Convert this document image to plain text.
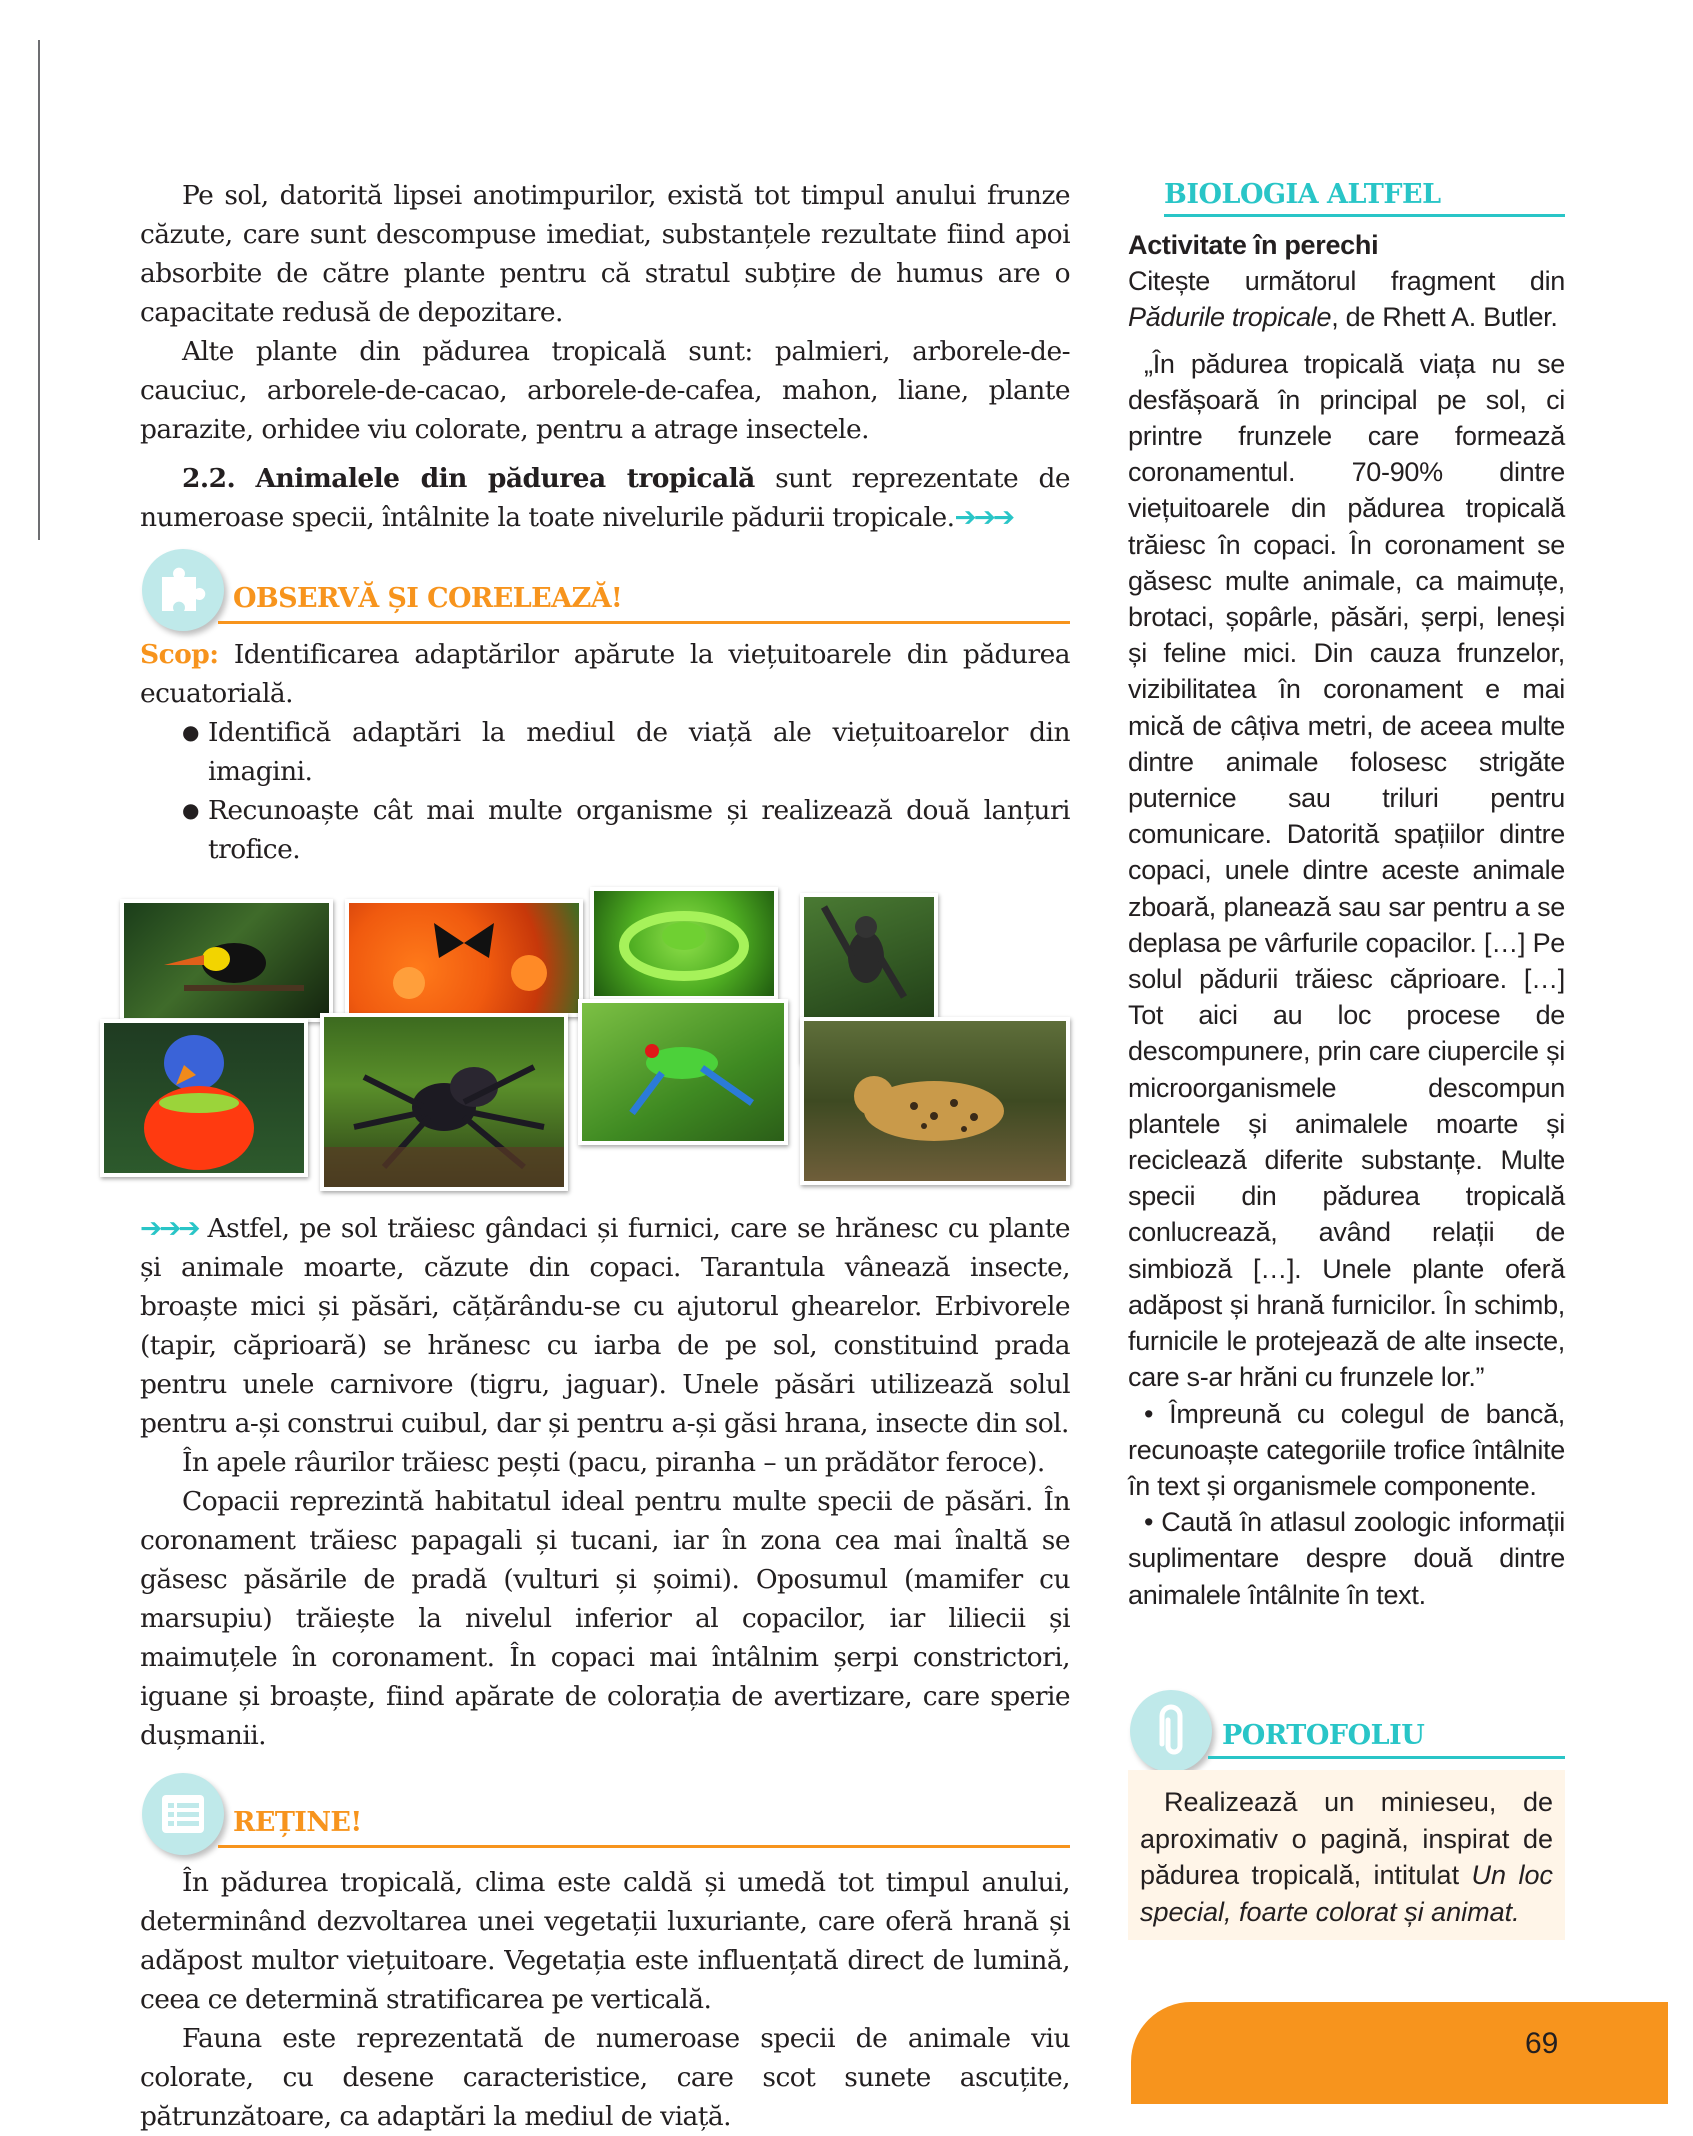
Pe sol, datorită lipsei anotimpurilor, există tot timpul anului frunze căzute, care sunt descompuse imediat, substanțele rezultate fiind apoi absorbite de către plante pentru că stratul subțire de humus are o capacitate redusă de depozitare.

Alte plante din pădurea tropicală sunt: palmieri, arborele-de-cauciuc, arborele-de-cacao, arborele-de-cafea, mahon, liane, plante parazite, orhidee viu colorate, pentru a atrage insectele.

2.2. Animalele din pădurea tropicală sunt reprezentate de numeroase specii, întâlnite la toate nivelurile pădurii tropicale.➔➔➔

OBSERVĂ ȘI CORELEAZĂ!

Scop: Identificarea adaptărilor apărute la viețuitoarele din pădurea ecuatorială.

● Identifică adaptări la mediul de viață ale viețuitoarelor din imagini.
● Recunoaște cât mai multe organisme și realizează două lanțuri trofice.

➔➔➔ Astfel, pe sol trăiesc gândaci și furnici, care se hrănesc cu plante și animale moarte, căzute din copaci. Tarantula vânează insecte, broaște mici și păsări, cățărându-se cu ajutorul ghearelor. Erbivorele (tapir, căprioară) se hrănesc cu iarba de pe sol, constituind prada pentru unele carnivore (tigru, jaguar). Unele păsări utilizează solul pentru a-și construi cuibul, dar și pentru a-și găsi hrana, insecte din sol.

În apele râurilor trăiesc pești (pacu, piranha – un prădător feroce).

Copacii reprezintă habitatul ideal pentru multe specii de păsări. În coronament trăiesc papagali și tucani, iar în zona cea mai înaltă se găsesc păsările de pradă (vulturi și șoimi). Oposumul (mamifer cu marsupiu) trăiește la nivelul inferior al copacilor, iar liliecii și maimuțele în coronament. În copaci mai întâlnim șerpi constrictori, iguane și broaște, fiind apărate de colorația de avertizare, care sperie dușmanii.

REȚINE!

În pădurea tropicală, clima este caldă și umedă tot timpul anului, determinând dezvoltarea unei vegetații luxuriante, care oferă hrană și adăpost multor viețuitoare. Vegetația este influențată direct de lumină, ceea ce determină stratificarea pe verticală.

Fauna este reprezentată de numeroase specii de animale viu colorate, cu desene caracteristice, care scot sunete ascuțite, pătrunzătoare, ca adaptări la mediul de viață.

BIOLOGIA ALTFEL

Activitate în perechi

Citește următorul fragment din Pădurile tropicale, de Rhett A. Butler.

„În pădurea tropicală viața nu se desfășoară în principal pe sol, ci printre frunzele care formează coronamentul. 70-90% dintre viețuitoarele din pădurea tropicală trăiesc în copaci. În coronament se găsesc multe animale, ca maimuțe, brotaci, șopârle, păsări, șerpi, lenеși și feline mici. Din cauza frunzelor, vizibilitatea în coronament e mai mică de câțiva metri, de aceea multe dintre animale folosesc strigăte puternice sau triluri pentru comunicare. Datorită spațiilor dintre copaci, unele dintre aceste animale zboară, planează sau sar pentru a se deplasa pe vârfurile copacilor. […] Pe solul pădurii trăiesc căprioare. […] Tot aici au loc procese de descompunere, prin care ciupercile și microorganismele descompun plantele și animalele moarte și reciclează diferite substanțe. Multe specii din pădurea tropicală conlucrează, având relații de simbioză […]. Unele plante oferă adăpost și hrană furnicilor. În schimb, furnicile le protejează de alte insecte, care s-ar hrăni cu frunzele lor.”

• Împreună cu colegul de bancă, recunoaște categoriile trofice întâlnite în text și organismele componente.

• Caută în atlasul zoologic informații suplimentare despre două dintre animalele întâlnite în text.

PORTOFOLIU
Realizează un minieseu, de aproximativ o pagină, inspirat de pădurea tropicală, intitulat Un loc special, foarte colorat și animat.
69
